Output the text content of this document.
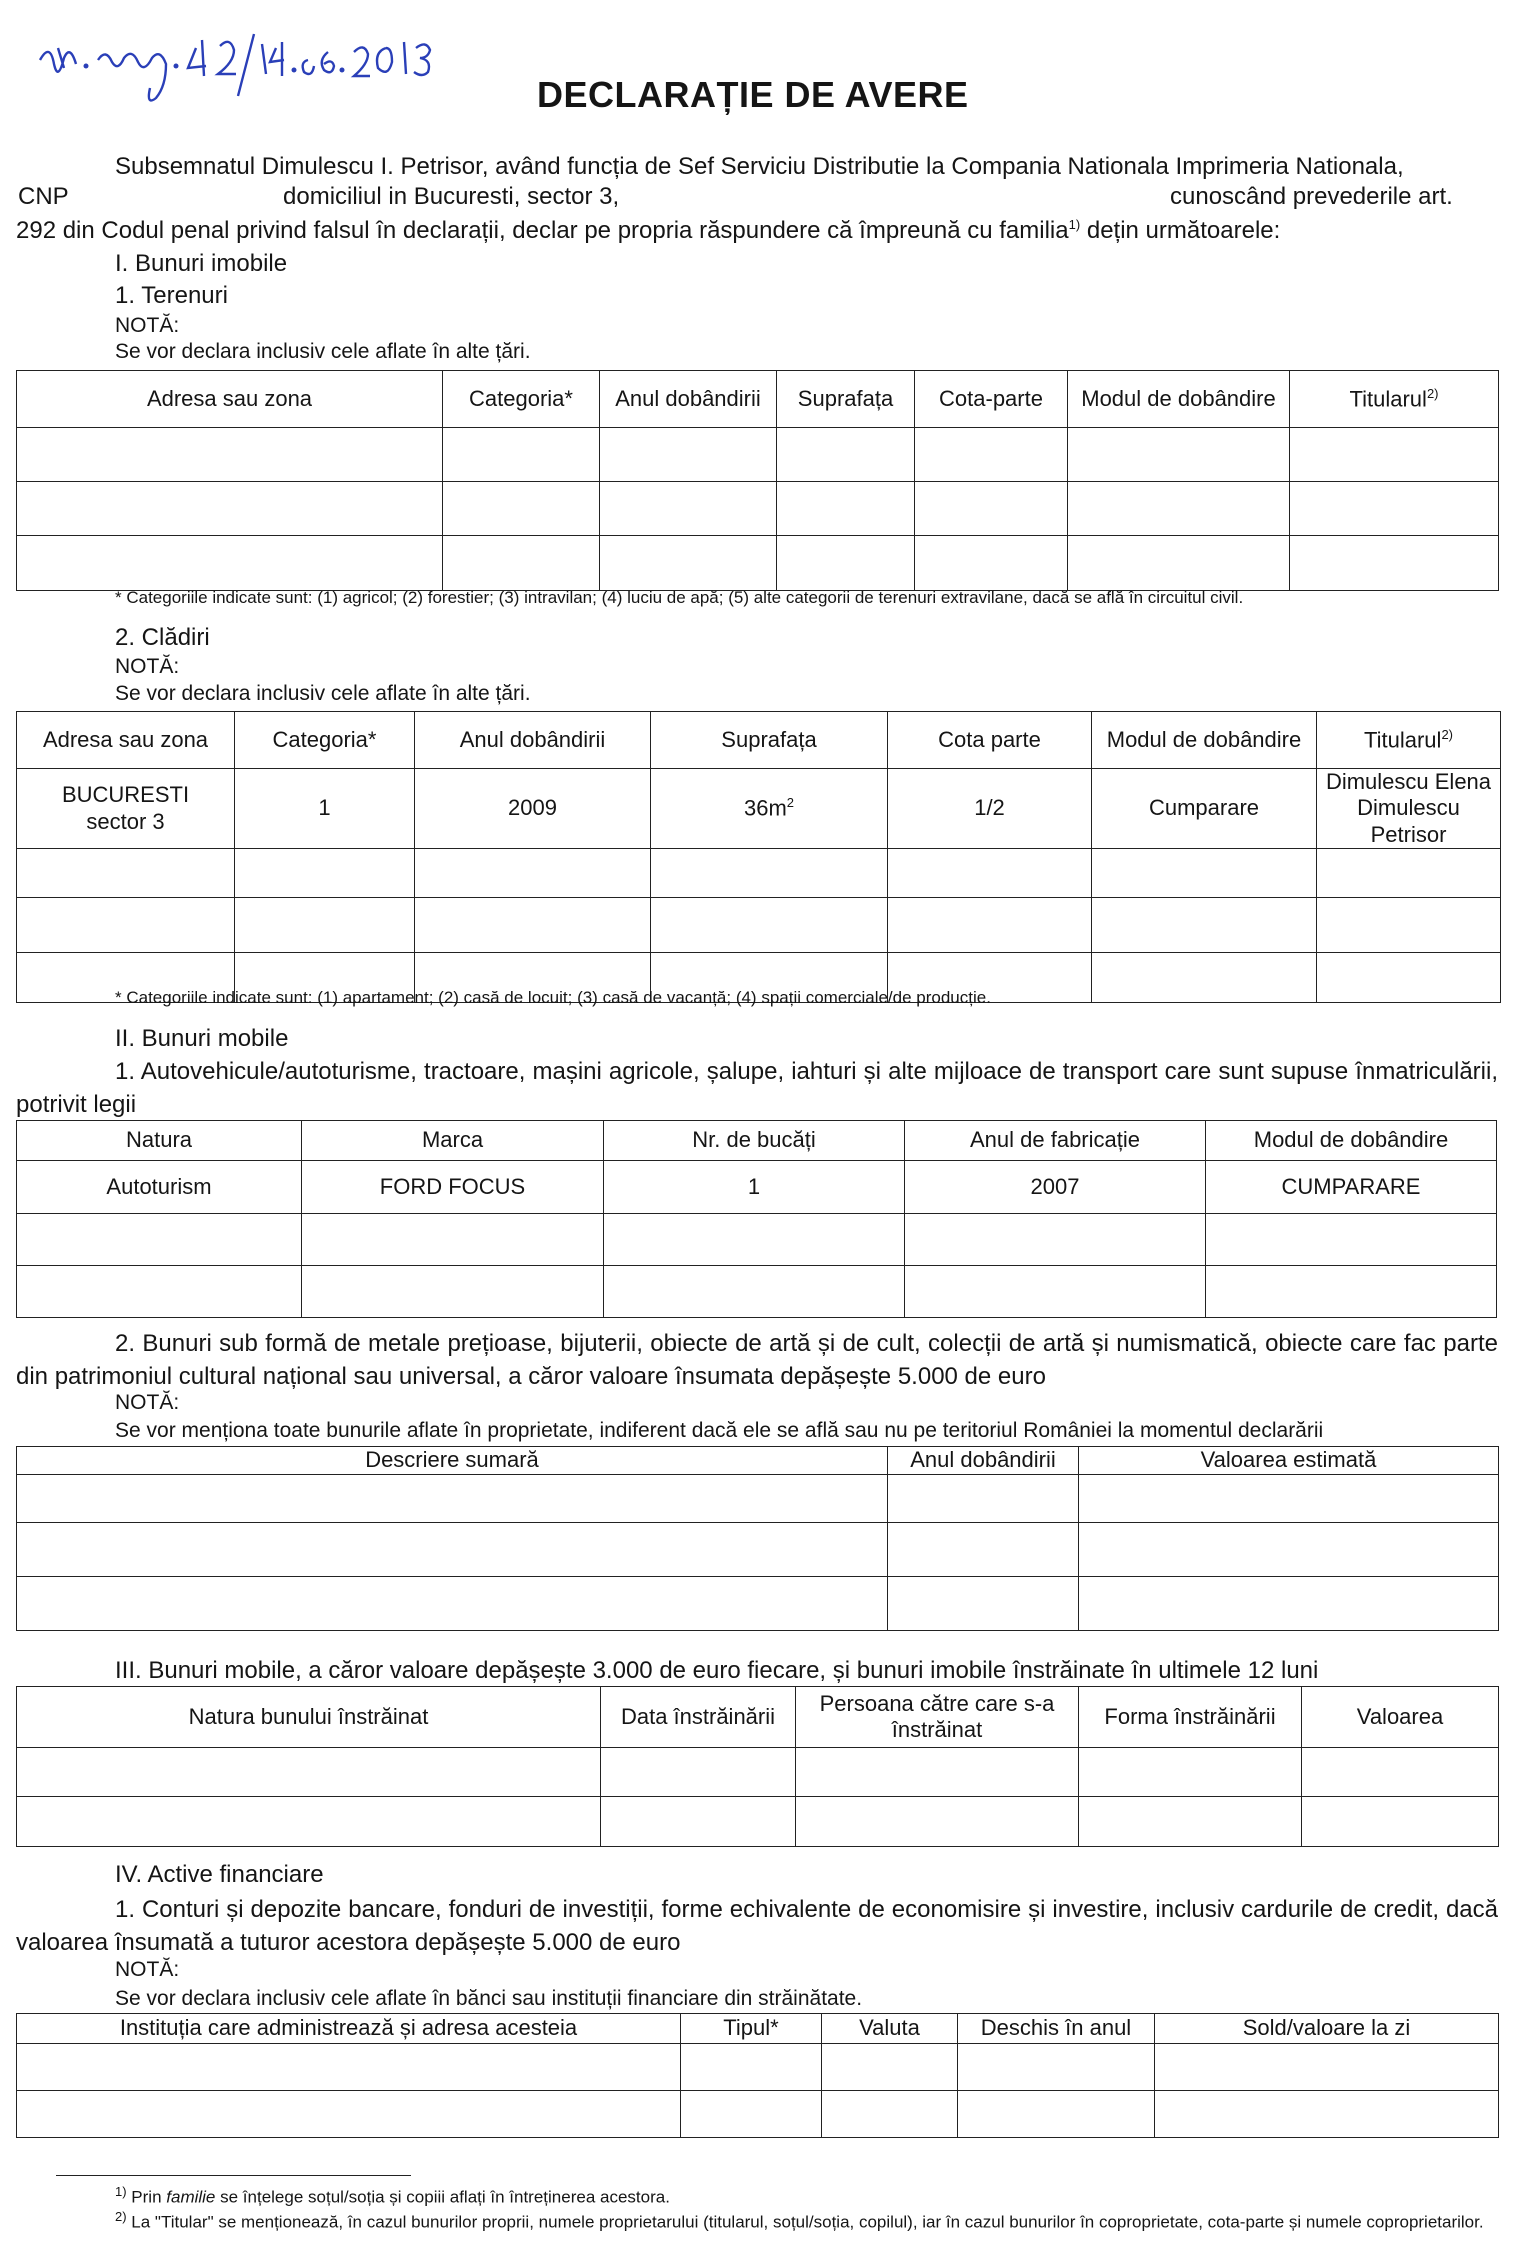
DECLARAȚIE DE AVERE
Subsemnatul Dimulescu I. Petrisor, având funcția de Sef Serviciu Distributie la Compania Nationala Imprimeria Nationala,
CNP	domiciliul in Bucuresti, sector 3,	cunoscând prevederile art.
292 din Codul penal privind falsul în declarații, declar pe propria răspundere că împreună cu familia$^{1)}$ dețin următoarele:
I. Bunuri imobile
1. Terenuri
NOTĂ:
Se vor declara inclusiv cele aflate în alte țări.
Adresa sau zona	Categoria*	Anul dobândirii	Suprafața	Cota-parte	Modul de dobândire	Titularul$^{2)}$

* Categoriile indicate sunt: (1) agricol; (2) forestier; (3) intravilan; (4) luciu de apă; (5) alte categorii de terenuri extravilane, dacă se află în circuitul civil.
2. Clădiri
NOTĂ:
Se vor declara inclusiv cele aflate în alte țări.
Adresa sau zona	Categoria*	Anul dobândirii	Suprafața	Cota parte	Modul de dobândire	Titularul$^{2)}$
BUCURESTI
sector 3	1	2009	$36m^2$	1/2	Cumparare	Dimulescu Elena
Dimulescu Petrisor

* Categoriile indicate sunt: (1) apartament; (2) casă de locuit; (3) casă de vacanță; (4) spații comerciale/de producție.
II. Bunuri mobile
1. Autovehicule/autoturisme, tractoare, mașini agricole, șalupe, iahturi și alte mijloace de transport care sunt supuse înmatriculării, potrivit legii
Natura	Marca	Nr. de bucăți	Anul de fabricație	Modul de dobândire
Autoturism	FORD FOCUS	1	2007	CUMPARARE

2. Bunuri sub formă de metale prețioase, bijuterii, obiecte de artă și de cult, colecții de artă și numismatică, obiecte care fac parte din patrimoniul cultural național sau universal, a căror valoare însumata depășește 5.000 de euro
NOTĂ:
Se vor menționa toate bunurile aflate în proprietate, indiferent dacă ele se află sau nu pe teritoriul României la momentul declarării
Descriere sumară	Anul dobândirii	Valoarea estimată

III. Bunuri mobile, a căror valoare depășește 3.000 de euro fiecare, și bunuri imobile înstrăinate în ultimele 12 luni
Natura bunului înstrăinat	Data înstrăinării	Persoana către care s-a înstrăinat	Forma înstrăinării	Valoarea

IV. Active financiare
1. Conturi și depozite bancare, fonduri de investiții, forme echivalente de economisire și investire, inclusiv cardurile de credit, dacă valoarea însumată a tuturor acestora depășește 5.000 de euro
NOTĂ:
Se vor declara inclusiv cele aflate în bănci sau instituții financiare din străinătate.
Instituția care administrează și adresa acesteia	Tipul*	Valuta	Deschis în anul	Sold/valoare la zi

$^{1)}$ Prin familie se înțelege soțul/soția și copiii aflați în întreținerea acestora.
$^{2)}$ La "Titular" se menționează, în cazul bunurilor proprii, numele proprietarului (titularul, soțul/soția, copilul), iar în cazul bunurilor în coproprietate, cota-parte și numele coproprietarilor.
